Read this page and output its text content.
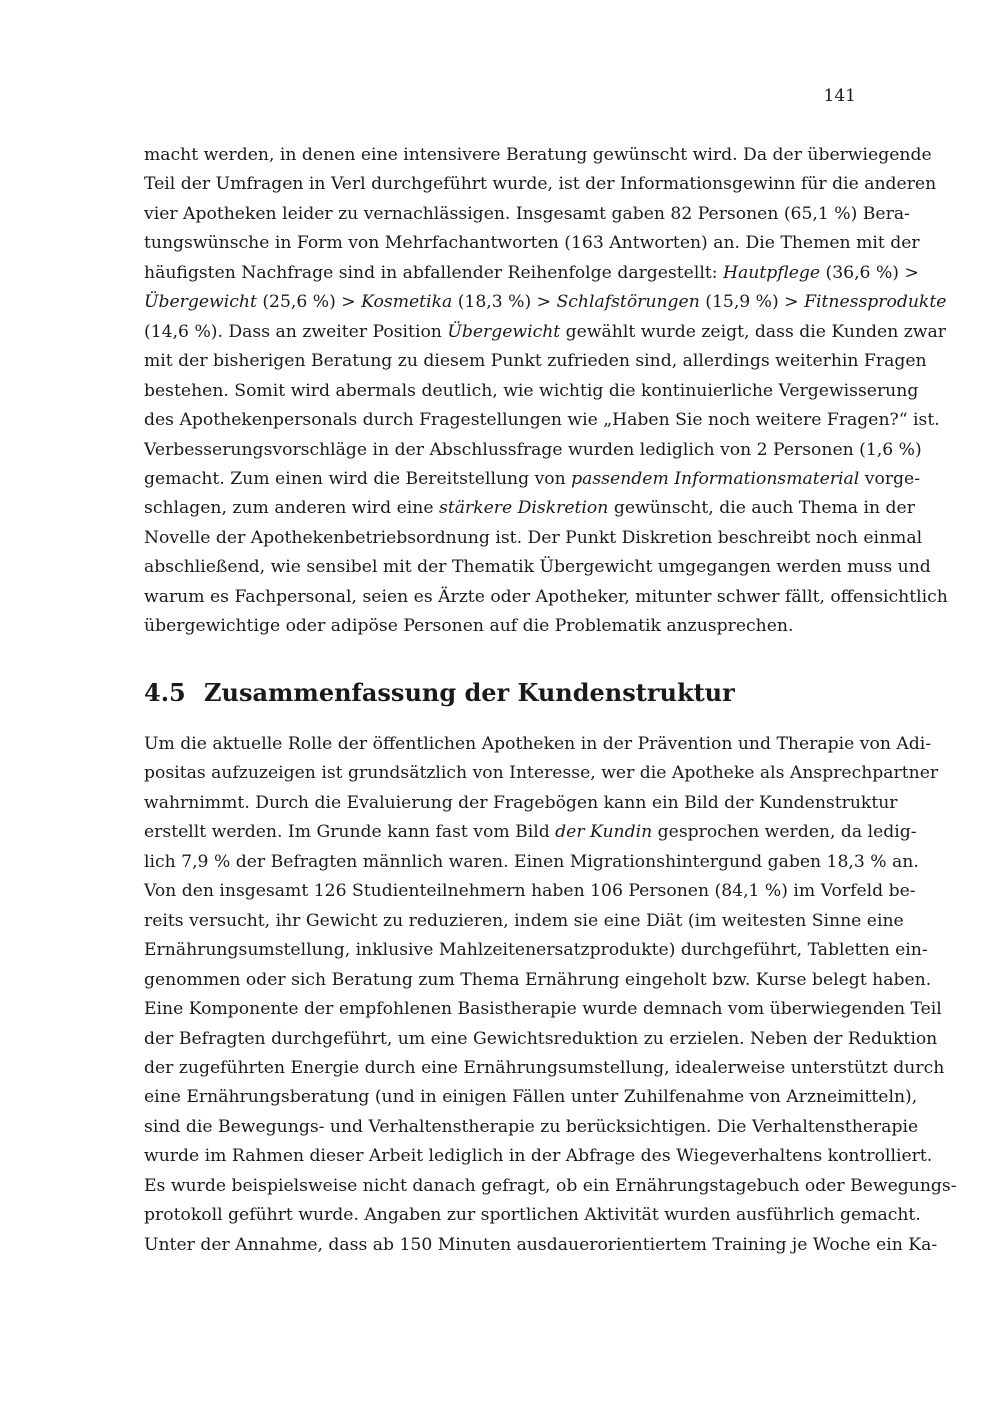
141
macht werden, in denen eine intensivere Beratung gewünscht wird. Da der überwiegende
Teil der Umfragen in Verl durchgeführt wurde, ist der Informationsgewinn für die anderen
vier Apotheken leider zu vernachlässigen. Insgesamt gaben 82 Personen (65,1 %) Bera-
tungswünsche in Form von Mehrfachantworten (163 Antworten) an. Die Themen mit der
häufigsten Nachfrage sind in abfallender Reihenfolge dargestellt: Hautpflege (36,6 %) >
Übergewicht (25,6 %) > Kosmetika (18,3 %) > Schlafstörungen (15,9 %) > Fitnessprodukte
(14,6 %). Dass an zweiter Position Übergewicht gewählt wurde zeigt, dass die Kunden zwar
mit der bisherigen Beratung zu diesem Punkt zufrieden sind, allerdings weiterhin Fragen
bestehen. Somit wird abermals deutlich, wie wichtig die kontinuierliche Vergewisserung
des Apothekenpersonals durch Fragestellungen wie „Haben Sie noch weitere Fragen?“ ist.
Verbesserungsvorschläge in der Abschlussfrage wurden lediglich von 2 Personen (1,6 %)
gemacht. Zum einen wird die Bereitstellung von passendem Informationsmaterial vorge-
schlagen, zum anderen wird eine stärkere Diskretion gewünscht, die auch Thema in der
Novelle der Apothekenbetriebsordnung ist. Der Punkt Diskretion beschreibt noch einmal
abschließend, wie sensibel mit der Thematik Übergewicht umgegangen werden muss und
warum es Fachpersonal, seien es Ärzte oder Apotheker, mitunter schwer fällt, offensichtlich
übergewichtige oder adipöse Personen auf die Problematik anzusprechen.
4.5 Zusammenfassung der Kundenstruktur
Um die aktuelle Rolle der öffentlichen Apotheken in der Prävention und Therapie von Adi-
positas aufzuzeigen ist grundsätzlich von Interesse, wer die Apotheke als Ansprechpartner
wahrnimmt. Durch die Evaluierung der Fragebögen kann ein Bild der Kundenstruktur
erstellt werden. Im Grunde kann fast vom Bild der Kundin gesprochen werden, da ledig-
lich 7,9 % der Befragten männlich waren. Einen Migrationshintergund gaben 18,3 % an.
Von den insgesamt 126 Studienteilnehmern haben 106 Personen (84,1 %) im Vorfeld be-
reits versucht, ihr Gewicht zu reduzieren, indem sie eine Diät (im weitesten Sinne eine
Ernährungsumstellung, inklusive Mahlzeitenersatzprodukte) durchgeführt, Tabletten ein-
genommen oder sich Beratung zum Thema Ernährung eingeholt bzw. Kurse belegt haben.
Eine Komponente der empfohlenen Basistherapie wurde demnach vom überwiegenden Teil
der Befragten durchgeführt, um eine Gewichtsreduktion zu erzielen. Neben der Reduktion
der zugeführten Energie durch eine Ernährungsumstellung, idealerweise unterstützt durch
eine Ernährungsberatung (und in einigen Fällen unter Zuhilfenahme von Arzneimitteln),
sind die Bewegungs- und Verhaltenstherapie zu berücksichtigen. Die Verhaltenstherapie
wurde im Rahmen dieser Arbeit lediglich in der Abfrage des Wiegeverhaltens kontrolliert.
Es wurde beispielsweise nicht danach gefragt, ob ein Ernährungstagebuch oder Bewegungs-
protokoll geführt wurde. Angaben zur sportlichen Aktivität wurden ausführlich gemacht.
Unter der Annahme, dass ab 150 Minuten ausdauerorientiertem Training je Woche ein Ka-
